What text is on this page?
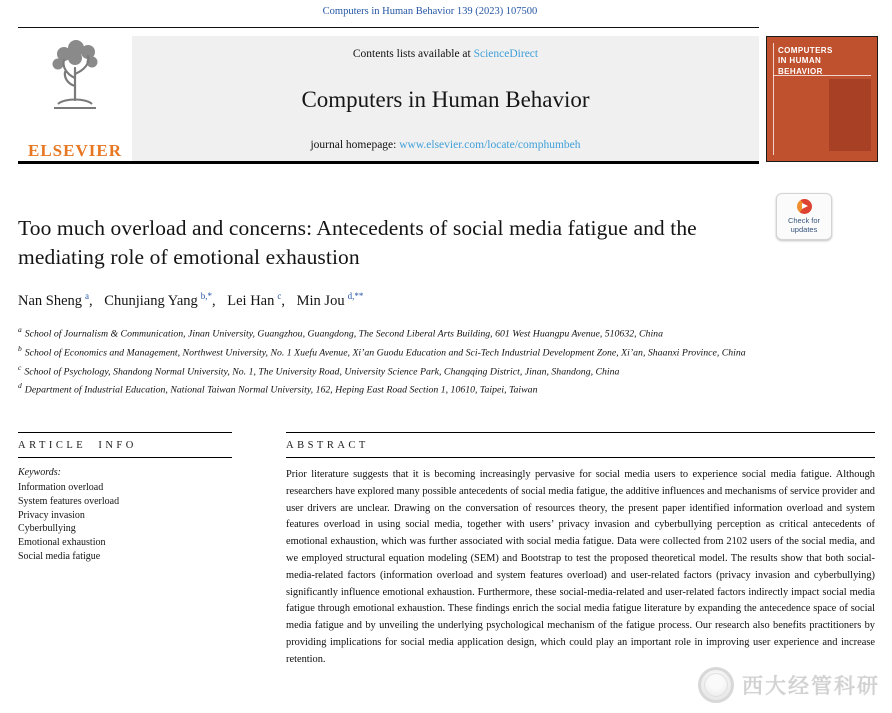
Computers in Human Behavior 139 (2023) 107500
ELSEVIER
Contents lists available at ScienceDirect
Computers in Human Behavior
journal homepage: www.elsevier.com/locate/comphumbeh
COMPUTERS IN HUMAN BEHAVIOR
Check for updates
Too much overload and concerns: Antecedents of social media fatigue and the mediating role of emotional exhaustion
Nan Sheng $^a$, Chunjiang Yang $^{b,*}$, Lei Han $^c$, Min Jou $^{d,**}$
$^a$ School of Journalism & Communication, Jinan University, Guangzhou, Guangdong, The Second Liberal Arts Building, 601 West Huangpu Avenue, 510632, China
$^b$ School of Economics and Management, Northwest University, No. 1 Xuefu Avenue, Xi’an Guodu Education and Sci-Tech Industrial Development Zone, Xi’an, Shaanxi Province, China
$^c$ School of Psychology, Shandong Normal University, No. 1, The University Road, University Science Park, Changqing District, Jinan, Shandong, China
$^d$ Department of Industrial Education, National Taiwan Normal University, 162, Heping East Road Section 1, 10610, Taipei, Taiwan
ARTICLE INFO
Keywords:
Information overload
System features overload
Privacy invasion
Cyberbullying
Emotional exhaustion
Social media fatigue
ABSTRACT

Prior literature suggests that it is becoming increasingly pervasive for social media users to experience social media fatigue. Although researchers have explored many possible antecedents of social media fatigue, the additive influences and mechanisms of service provider and user drivers are unclear. Drawing on the conversation of resources theory, the present paper identified information overload and system features overload in using social media, together with users’ privacy invasion and cyberbullying perception as critical antecedents of emotional exhaustion, which was further associated with social media fatigue. Data were collected from 2102 users of the social media, and we employed structural equation modeling (SEM) and Bootstrap to test the proposed theoretical model. The results show that both social-media-related factors (information overload and system features overload) and user-related factors (privacy invasion and cyberbullying) significantly influence emotional exhaustion. Furthermore, these social-media-related and user-related factors indirectly impact social media fatigue through emotional exhaustion. These findings enrich the social media fatigue literature by expanding the antecedence space of social media fatigue and by unveiling the underlying psychological mechanism of the fatigue process. Our research also benefits practitioners by providing implications for social media application design, which could play an important role in improving user experience and increase retention.

西大经管科研
